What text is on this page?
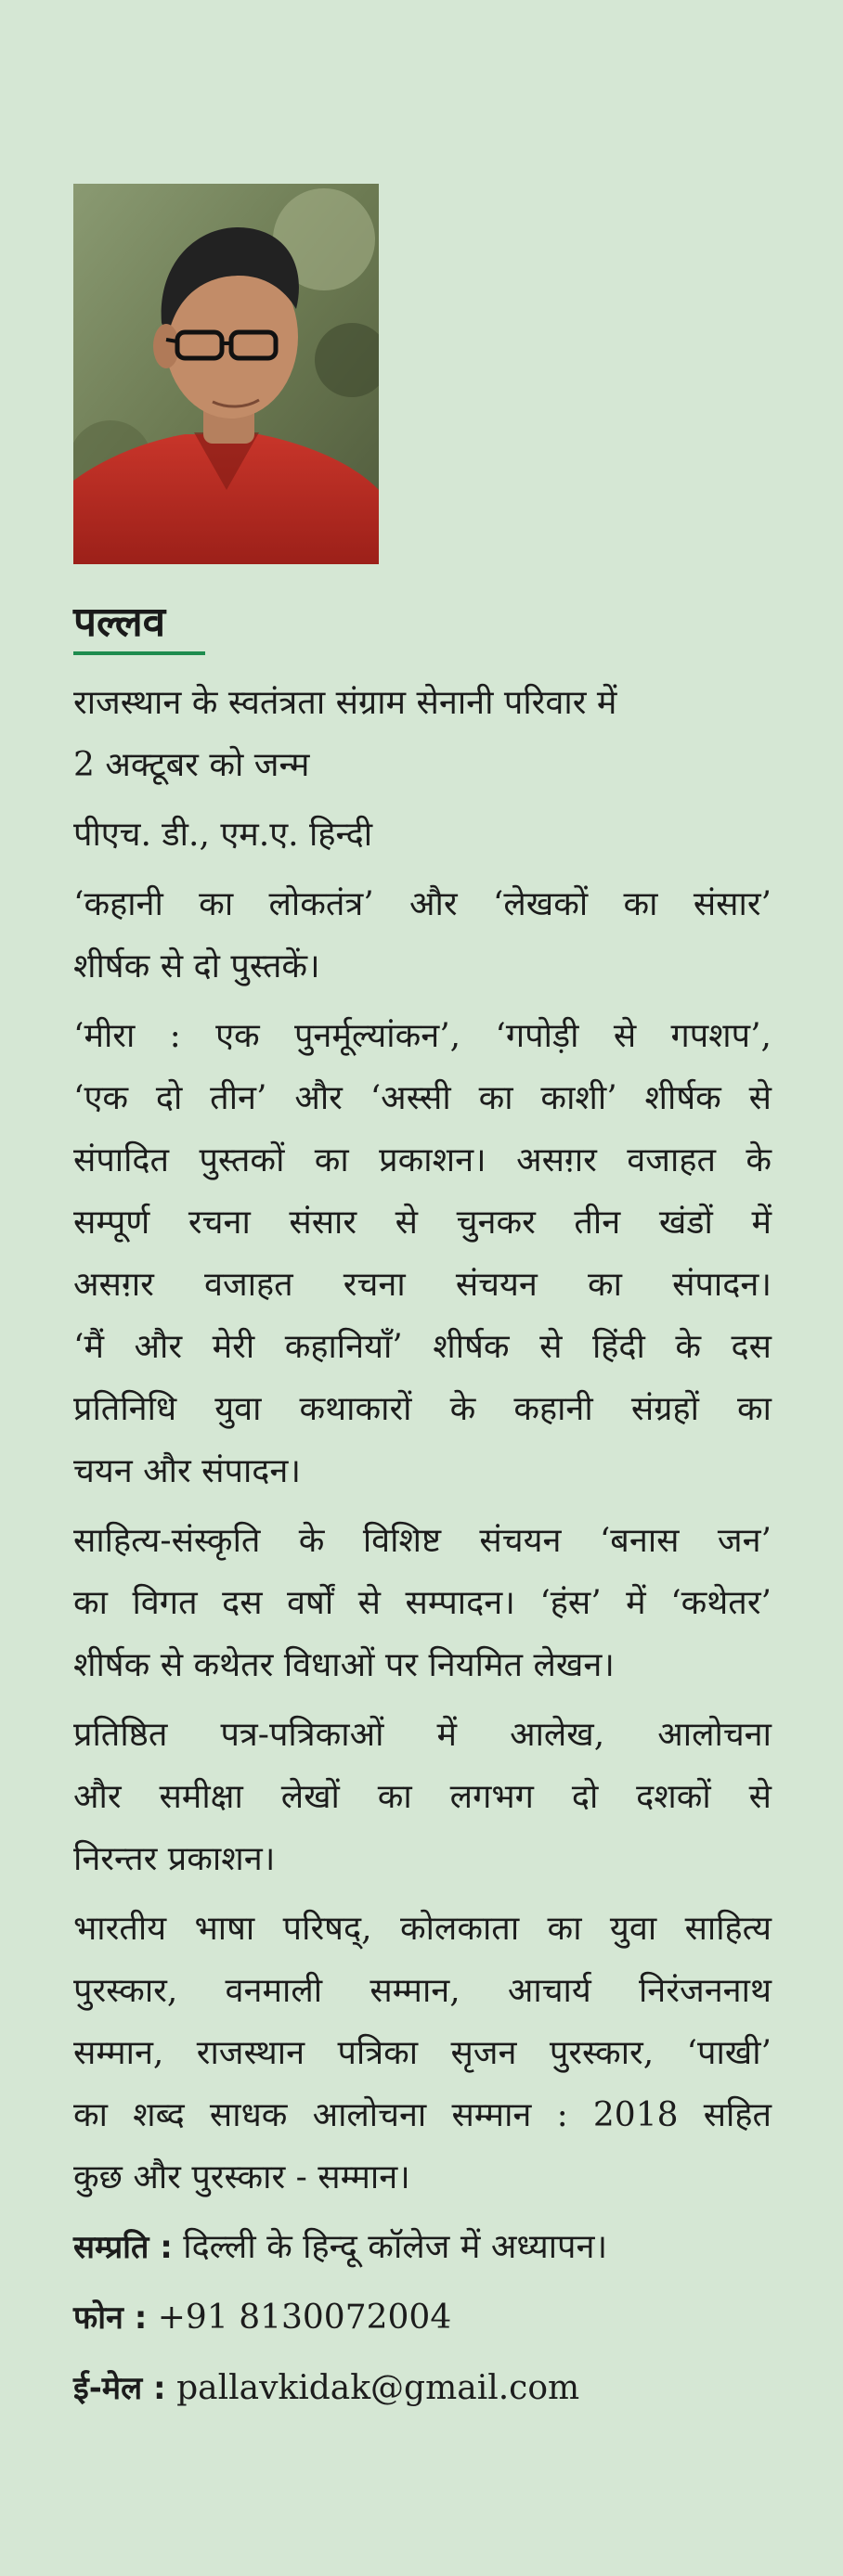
पल्लव

राजस्थान के स्वतंत्रता संग्राम सेनानी परिवार में
2 अक्टूबर को जन्म

पीएच. डी., एम.ए. हिन्दी

‘कहानी का लोकतंत्र’ और ‘लेखकों का संसार’
शीर्षक से दो पुस्तकें।

‘मीरा : एक पुनर्मूल्यांकन’, ‘गपोड़ी से गपशप’,
‘एक दो तीन’ और ‘अस्सी का काशी’ शीर्षक से
संपादित पुस्तकों का प्रकाशन। असग़र वजाहत के
सम्पूर्ण रचना संसार से चुनकर तीन खंडों में
असग़र वजाहत रचना संचयन का संपादन।
‘मैं और मेरी कहानियाँ’ शीर्षक से हिंदी के दस
प्रतिनिधि युवा कथाकारों के कहानी संग्रहों का
चयन और संपादन।

साहित्य-संस्कृति के विशिष्ट संचयन ‘बनास जन’
का विगत दस वर्षों से सम्पादन। ‘हंस’ में ‘कथेतर’
शीर्षक से कथेतर विधाओं पर नियमित लेखन।

प्रतिष्ठित पत्र-पत्रिकाओं में आलेख, आलोचना
और समीक्षा लेखों का लगभग दो दशकों से
निरन्तर प्रकाशन।

भारतीय भाषा परिषद्, कोलकाता का युवा साहित्य
पुरस्कार, वनमाली सम्मान, आचार्य निरंजननाथ
सम्मान, राजस्थान पत्रिका सृजन पुरस्कार, ‘पाखी’
का शब्द साधक आलोचना सम्मान : 2018 सहित
कुछ और पुरस्कार - सम्मान।

सम्प्रति : दिल्ली के हिन्दू कॉलेज में अध्यापन।

फोन : +91 8130072004

ई-मेल : pallavkidak@gmail.com
